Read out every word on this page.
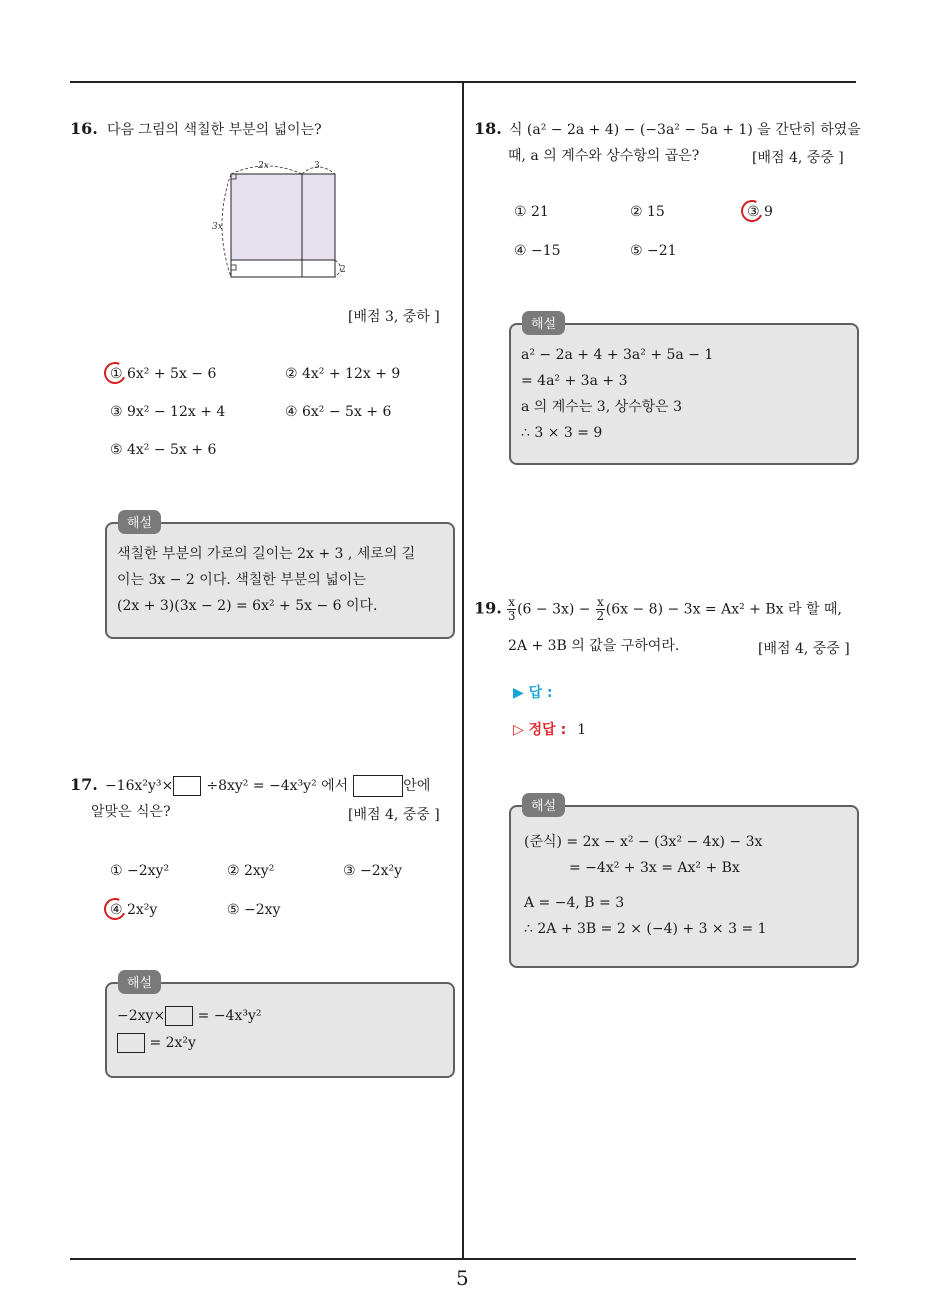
5
16. 다음 그림의 색칠한 부분의 넓이는?
2x	3
3x
2
[배점 3, 중하 ]
① 6x² + 5x − 6	② 4x² + 12x + 9
③ 9x² − 12x + 4	④ 6x² − 5x + 6
⑤ 4x² − 5x + 6
해설
색칠한 부분의 가로의 길이는 2x + 3 , 세로의 길
이는 3x − 2 이다. 색칠한 부분의 넓이는
(2x + 3)(3x − 2) = 6x² + 5x − 6 이다.
17. −16x²y³× ÷8xy² = −4x³y² 에서	안에
알맞은 식은?	[배점 4, 중중 ]
① −2xy²	② 2xy²	③ −2x²y
④ 2x²y	⑤ −2xy
해설
−2xy× = −4x³y²
= 2x²y
18. 식 (a² − 2a + 4) − (−3a² − 5a + 1) 을 간단히 하였을
때, a 의 계수와 상수항의 곱은?	[배점 4, 중중 ]
① 21	② 15	③ 9
④ −15	⑤ −21
해설
a² − 2a + 4 + 3a² + 5a − 1
= 4a² + 3a + 3
a 의 계수는 3, 상수항은 3
∴ 3 × 3 = 9
19. $\frac{x}{3} (6 - 3x) - \frac{x}{2} (6x - 8) - 3x = Ax^2 + Bx$ 라 할 때,
2A + 3B 의 값을 구하여라.	[배점 4, 중중 ]
▶ 답 :
▷ 정답 : 1
해설
(준식) = 2x − x² − (3x² − 4x) − 3x
= −4x² + 3x = Ax² + Bx
A = −4, B = 3
∴ 2A + 3B = 2 × (−4) + 3 × 3 = 1
